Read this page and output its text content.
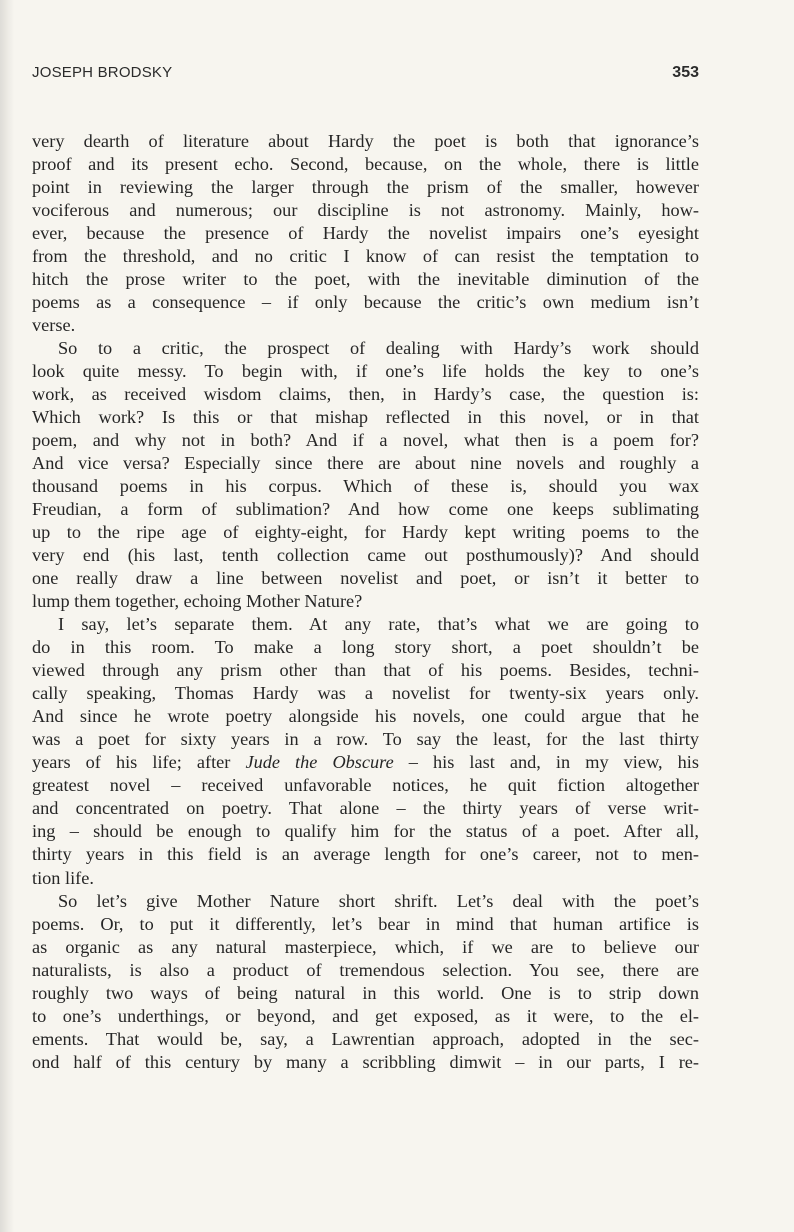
JOSEPH BRODSKY	353
very dearth of literature about Hardy the poet is both that ignorance’s
proof and its present echo. Second, because, on the whole, there is little
point in reviewing the larger through the prism of the smaller, however
vociferous and numerous; our discipline is not astronomy. Mainly, how-
ever, because the presence of Hardy the novelist impairs one’s eyesight
from the threshold, and no critic I know of can resist the temptation to
hitch the prose writer to the poet, with the inevitable diminution of the
poems as a consequence – if only because the critic’s own medium isn’t
verse.
So to a critic, the prospect of dealing with Hardy’s work should
look quite messy. To begin with, if one’s life holds the key to one’s
work, as received wisdom claims, then, in Hardy’s case, the question is:
Which work? Is this or that mishap reflected in this novel, or in that
poem, and why not in both? And if a novel, what then is a poem for?
And vice versa? Especially since there are about nine novels and roughly a
thousand poems in his corpus. Which of these is, should you wax
Freudian, a form of sublimation? And how come one keeps sublimating
up to the ripe age of eighty-eight, for Hardy kept writing poems to the
very end (his last, tenth collection came out posthumously)? And should
one really draw a line between novelist and poet, or isn’t it better to
lump them together, echoing Mother Nature?
I say, let’s separate them. At any rate, that’s what we are going to
do in this room. To make a long story short, a poet shouldn’t be
viewed through any prism other than that of his poems. Besides, techni-
cally speaking, Thomas Hardy was a novelist for twenty-six years only.
And since he wrote poetry alongside his novels, one could argue that he
was a poet for sixty years in a row. To say the least, for the last thirty
years of his life; after Jude the Obscure – his last and, in my view, his
greatest novel – received unfavorable notices, he quit fiction altogether
and concentrated on poetry. That alone – the thirty years of verse writ-
ing – should be enough to qualify him for the status of a poet. After all,
thirty years in this field is an average length for one’s career, not to men-
tion life.
So let’s give Mother Nature short shrift. Let’s deal with the poet’s
poems. Or, to put it differently, let’s bear in mind that human artifice is
as organic as any natural masterpiece, which, if we are to believe our
naturalists, is also a product of tremendous selection. You see, there are
roughly two ways of being natural in this world. One is to strip down
to one’s underthings, or beyond, and get exposed, as it were, to the el-
ements. That would be, say, a Lawrentian approach, adopted in the sec-
ond half of this century by many a scribbling dimwit – in our parts, I re-
